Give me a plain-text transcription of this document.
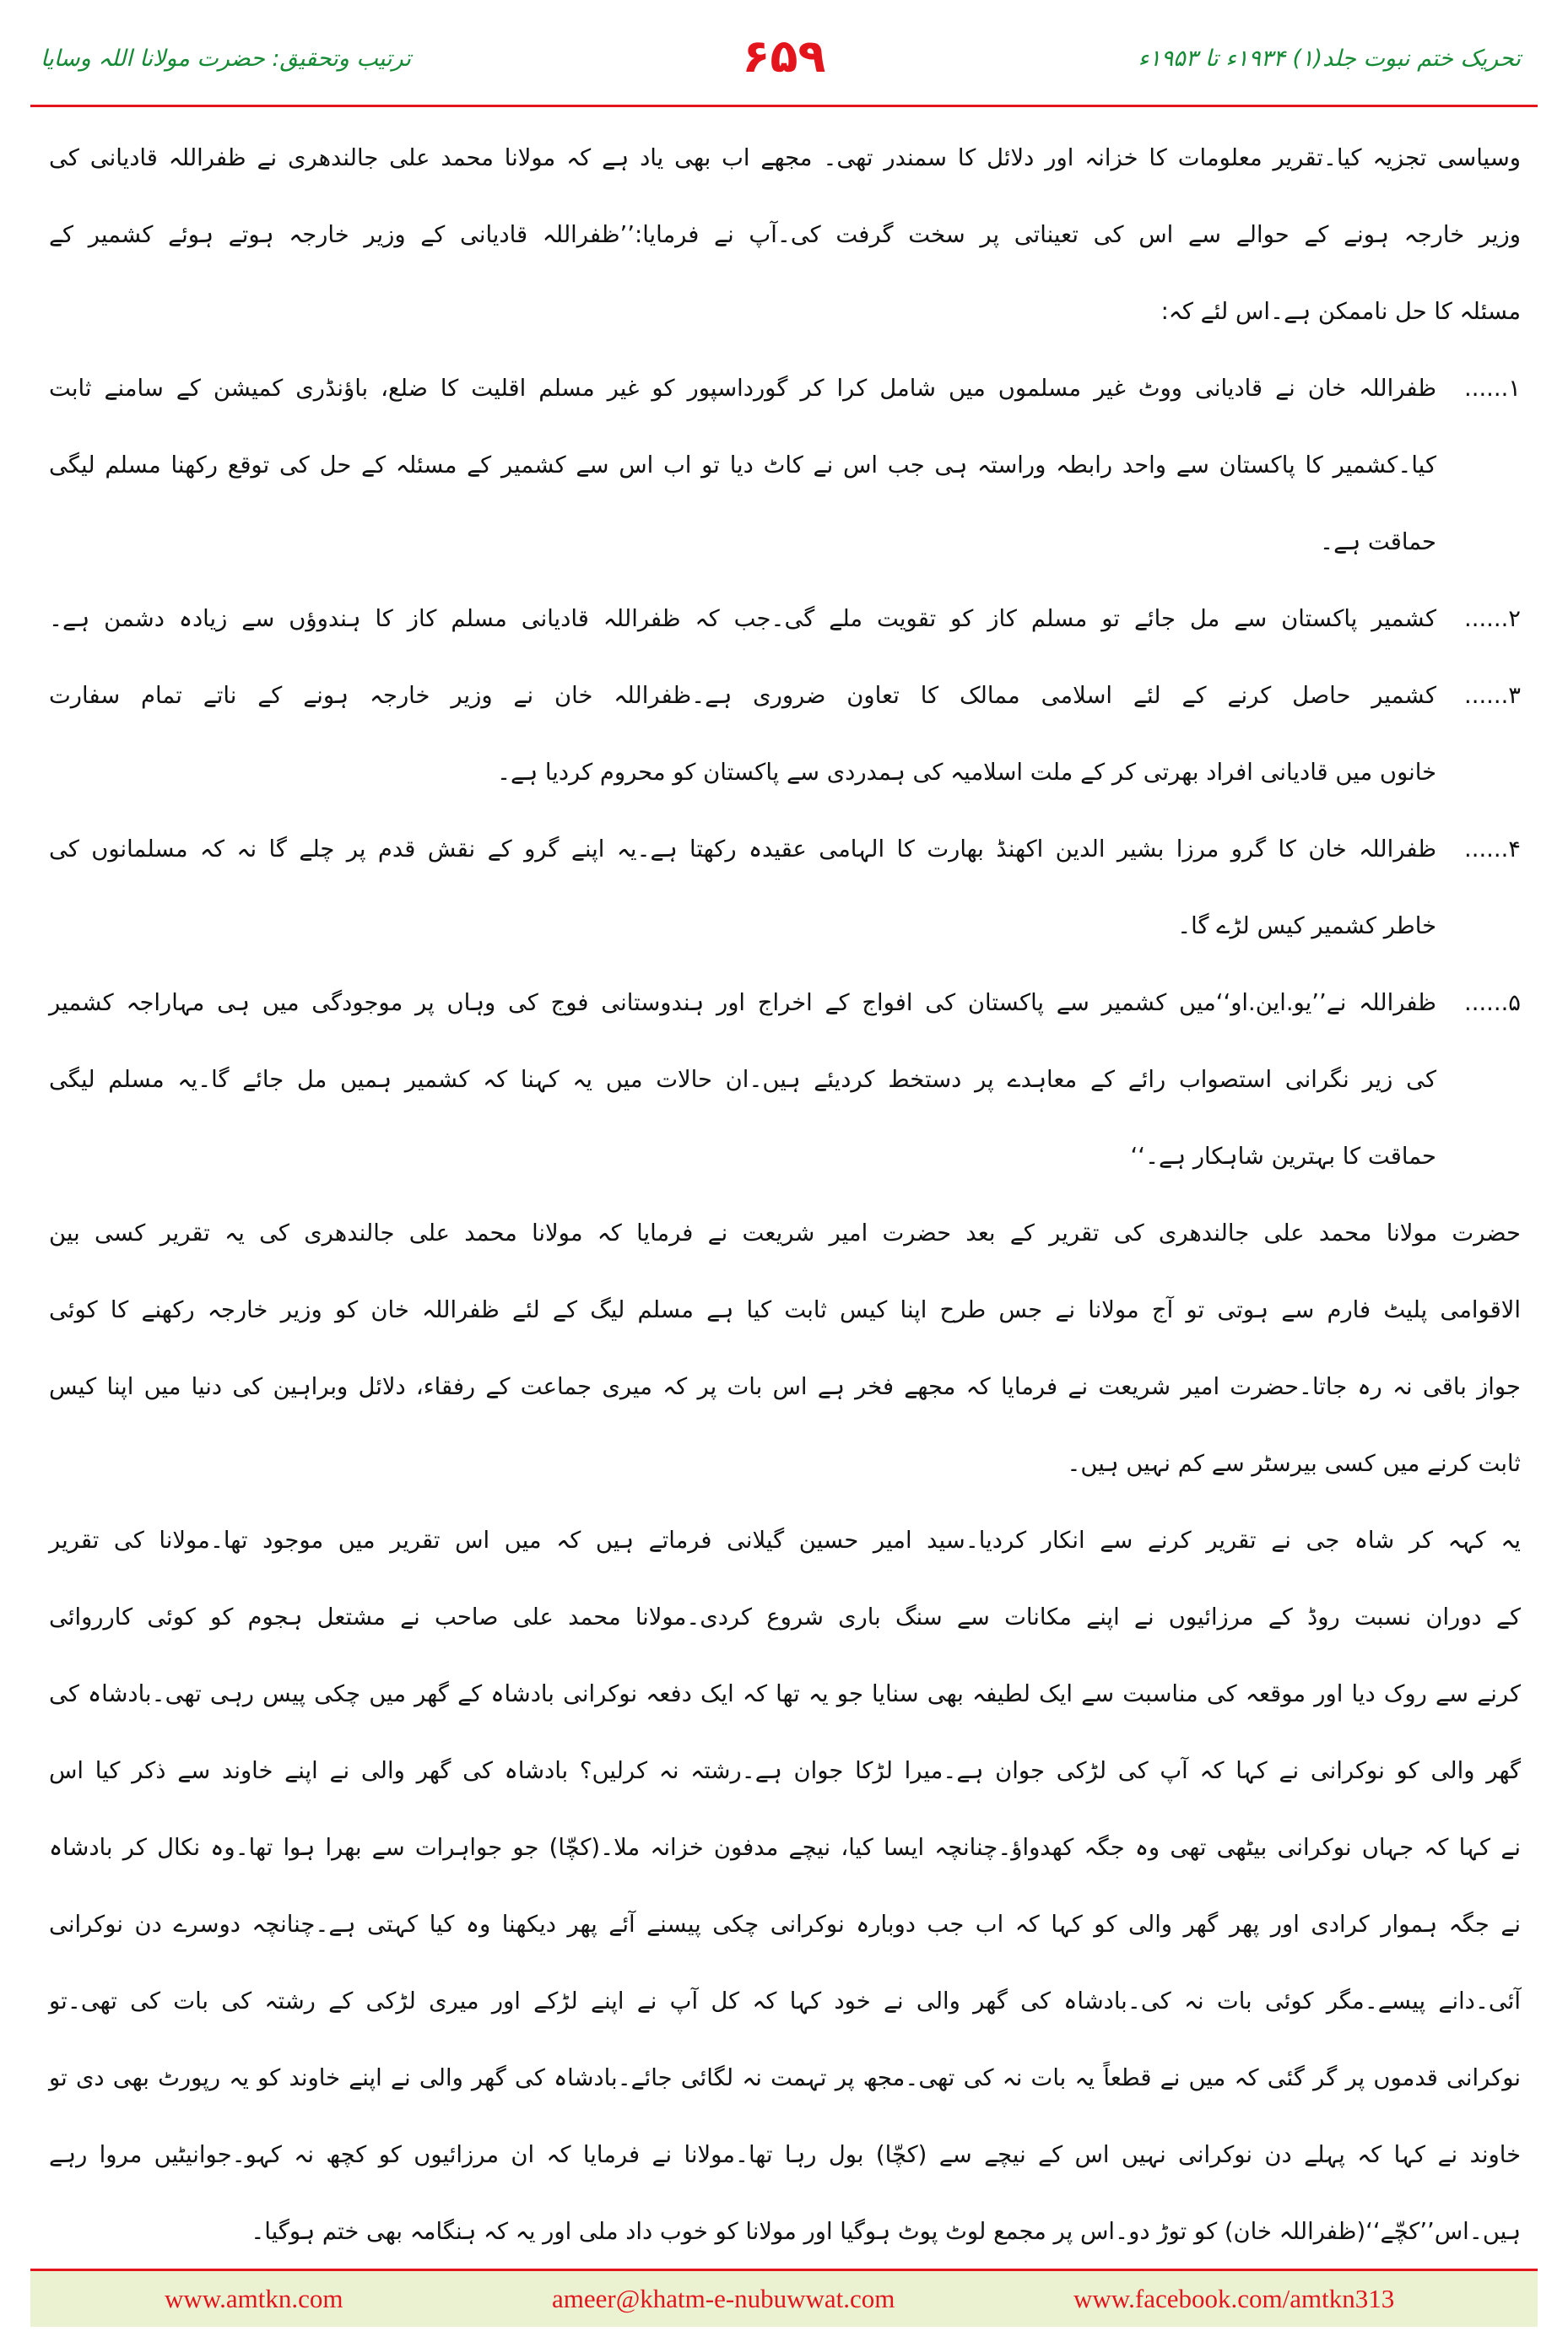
تحریک ختم نبوت جلد(۱) ۱۹۳۴ء تا ۱۹۵۳ء
۶۵۹
ترتیب وتحقیق: حضرت مولانا اللہ وسایا
وسیاسی تجزیہ کیا۔تقریر معلومات کا خزانہ اور دلائل کا سمندر تھی۔ مجھے اب بھی یاد ہے کہ مولانا محمد علی جالندھری نے ظفراللہ قادیانی کی
وزیر خارجہ ہونے کے حوالے سے اس کی تعیناتی پر سخت گرفت کی۔آپ نے فرمایا:’’ظفراللہ قادیانی کے وزیر خارجہ ہوتے ہوئے کشمیر کے
مسئلہ کا حل ناممکن ہے۔اس لئے کہ:
۱......
ظفراللہ خان نے قادیانی ووٹ غیر مسلموں میں شامل کرا کر گورداسپور کو غیر مسلم اقلیت کا ضلع، باؤنڈری کمیشن کے سامنے ثابت
کیا۔کشمیر کا پاکستان سے واحد رابطہ وراستہ ہی جب اس نے کاٹ دیا تو اب اس سے کشمیر کے مسئلہ کے حل کی توقع رکھنا مسلم لیگی
حماقت ہے۔
۲......
کشمیر پاکستان سے مل جائے تو مسلم کاز کو تقویت ملے گی۔جب کہ ظفراللہ قادیانی مسلم کاز کا ہندوؤں سے زیادہ دشمن ہے۔
۳......
کشمیر حاصل کرنے کے لئے اسلامی ممالک کا تعاون ضروری ہے۔ظفراللہ خان نے وزیر خارجہ ہونے کے ناتے تمام سفارت
خانوں میں قادیانی افراد بھرتی کر کے ملت اسلامیہ کی ہمدردی سے پاکستان کو محروم کردیا ہے۔
۴......
ظفراللہ خان کا گرو مرزا بشیر الدین اکھنڈ بھارت کا الہامی عقیدہ رکھتا ہے۔یہ اپنے گرو کے نقش قدم پر چلے گا نہ کہ مسلمانوں کی
خاطر کشمیر کیس لڑے گا۔
۵......
ظفراللہ نے’’یو.این.او‘‘میں کشمیر سے پاکستان کی افواج کے اخراج اور ہندوستانی فوج کی وہاں پر موجودگی میں ہی مہاراجہ کشمیر
کی زیر نگرانی استصواب رائے کے معاہدے پر دستخط کردیئے ہیں۔ان حالات میں یہ کہنا کہ کشمیر ہمیں مل جائے گا۔یہ مسلم لیگی
حماقت کا بہترین شاہکار ہے۔‘‘
حضرت مولانا محمد علی جالندھری کی تقریر کے بعد حضرت امیر شریعت نے فرمایا کہ مولانا محمد علی جالندھری کی یہ تقریر کسی بین
الاقوامی پلیٹ فارم سے ہوتی تو آج مولانا نے جس طرح اپنا کیس ثابت کیا ہے مسلم لیگ کے لئے ظفراللہ خان کو وزیر خارجہ رکھنے کا کوئی
جواز باقی نہ رہ جاتا۔حضرت امیر شریعت نے فرمایا کہ مجھے فخر ہے اس بات پر کہ میری جماعت کے رفقاء، دلائل وبراہین کی دنیا میں اپنا کیس
ثابت کرنے میں کسی بیرسٹر سے کم نہیں ہیں۔
یہ کہہ کر شاہ جی نے تقریر کرنے سے انکار کردیا۔سید امیر حسین گیلانی فرماتے ہیں کہ میں اس تقریر میں موجود تھا۔مولانا کی تقریر
کے دوران نسبت روڈ کے مرزائیوں نے اپنے مکانات سے سنگ باری شروع کردی۔مولانا محمد علی صاحب نے مشتعل ہجوم کو کوئی کارروائی
کرنے سے روک دیا اور موقعہ کی مناسبت سے ایک لطیفہ بھی سنایا جو یہ تھا کہ ایک دفعہ نوکرانی بادشاہ کے گھر میں چکی پیس رہی تھی۔بادشاہ کی
گھر والی کو نوکرانی نے کہا کہ آپ کی لڑکی جوان ہے۔میرا لڑکا جوان ہے۔رشتہ نہ کرلیں؟ بادشاہ کی گھر والی نے اپنے خاوند سے ذکر کیا اس
نے کہا کہ جہاں نوکرانی بیٹھی تھی وہ جگہ کھدواؤ۔چنانچہ ایسا کیا، نیچے مدفون خزانہ ملا۔(کچّا) جو جواہرات سے بھرا ہوا تھا۔وہ نکال کر بادشاہ
نے جگہ ہموار کرادی اور پھر گھر والی کو کہا کہ اب جب دوبارہ نوکرانی چکی پیسنے آئے پھر دیکھنا وہ کیا کہتی ہے۔چنانچہ دوسرے دن نوکرانی
آئی۔دانے پیسے۔مگر کوئی بات نہ کی۔بادشاہ کی گھر والی نے خود کہا کہ کل آپ نے اپنے لڑکے اور میری لڑکی کے رشتہ کی بات کی تھی۔تو
نوکرانی قدموں پر گر گئی کہ میں نے قطعاً یہ بات نہ کی تھی۔مجھ پر تہمت نہ لگائی جائے۔بادشاہ کی گھر والی نے اپنے خاوند کو یہ رپورٹ بھی دی تو
خاوند نے کہا کہ پہلے دن نوکرانی نہیں اس کے نیچے سے (کچّا) بول رہا تھا۔مولانا نے فرمایا کہ ان مرزائیوں کو کچھ نہ کہو۔جوانیٹیں مروا رہے
ہیں۔اس’’کچّے‘‘(ظفراللہ خان) کو توڑ دو۔اس پر مجمع لوٹ پوٹ ہوگیا اور مولانا کو خوب داد ملی اور یہ کہ ہنگامہ بھی ختم ہوگیا۔
www.amtkn.com	ameer@khatm-e-nubuwwat.com	www.facebook.com/amtkn313
